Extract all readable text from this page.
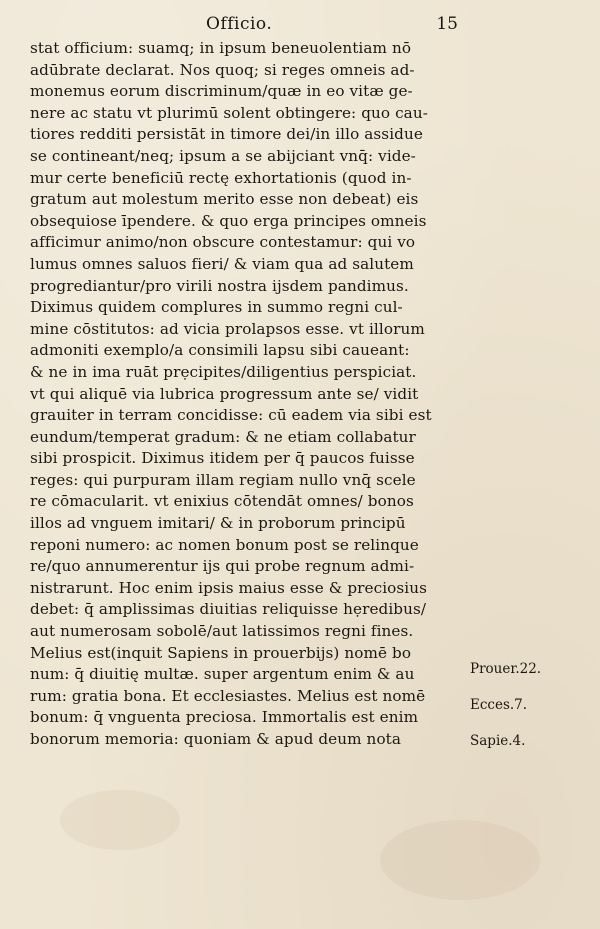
Officio.	15
stat officium: suamq; in ipsum beneuolentiam nō
adūbrate declarat. Nos quoq; si reges omneis ad-
monemus eorum discriminum/quæ in eo vitæ ge-
nere ac statu vt plurimū solent obtingere: quo cau-
tiores redditi persistāt in timore dei/in illo assidue
se contineant/neq; ipsum a se abijciant vnq̄: vide-
mur certe beneficiū rectę exhortationis (quod in-
gratum aut molestum merito esse non debeat) eis
obsequiose īpendere. & quo erga principes omneis
afficimur animo/non obscure contestamur: qui vo
lumus omnes saluos fieri/ & viam qua ad salutem
progrediantur/pro virili nostra ijsdem pandimus.
Diximus quidem complures in summo regni cul-
mine cōstitutos: ad vicia prolapsos esse. vt illorum
admoniti exemplo/a consimili lapsu sibi caueant:
& ne in ima ruāt prẹcipites/diligentius perspiciat.
vt qui aliquē via lubrica progressum ante se/ vidit
grauiter in terram concidisse: cū eadem via sibi est
eundum/temperat gradum: & ne etiam collabatur
sibi prospicit. Diximus itidem per q̄ paucos fuisse
reges: qui purpuram illam regiam nullo vnq̄ scele
re cōmacularit. vt enixius cōtendāt omnes/ bonos
illos ad vnguem imitari/ & in proborum principū
reponi numero: ac nomen bonum post se relinque
re/quo annumerentur ijs qui probe regnum admi-
nistrarunt. Hoc enim ipsis maius esse & preciosius
debet: q̄ amplissimas diuitias reliquisse hẹredibus/
aut numerosam sobolē/aut latissimos regni fines.
Melius est(inquit Sapiens in prouerbijs) nomē bo
num: q̄ diuitię multæ. super argentum enim & au
rum: gratia bona. Et ecclesiastes. Melius est nomē
bonum: q̄ vnguenta preciosa. Immortalis est enim
bonorum memoria: quoniam & apud deum nota
Prouer.22.
Ecces.7.
Sapie.4.
